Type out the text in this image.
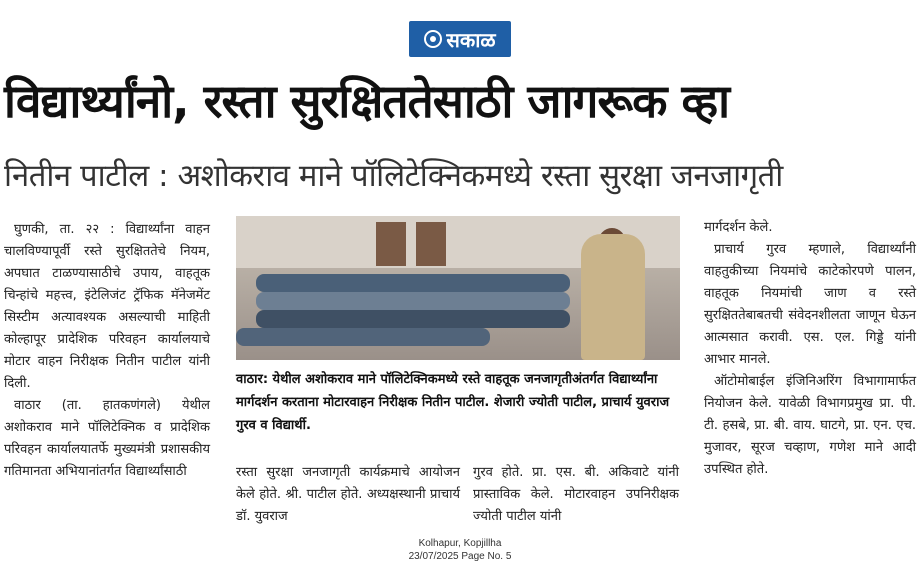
सकाळ
विद्यार्थ्यांनो, रस्ता सुरक्षिततेसाठी जागरूक व्हा
नितीन पाटील : अशोकराव माने पॉलिटेक्निकमध्ये रस्ता सुरक्षा जनजागृती

घुणकी, ता. २२ : विद्यार्थ्यांना वाहन चालविण्यापूर्वी रस्ते सुरक्षिततेचे नियम, अपघात टाळण्यासाठीचे उपाय, वाहतूक चिन्हांचे महत्त्व, इंटेलिजंट ट्रॅफिक मॅनेजमेंट सिस्टीम अत्यावश्यक असल्याची माहिती कोल्हापूर प्रादेशिक परिवहन कार्यालयाचे मोटार वाहन निरीक्षक नितीन पाटील यांनी दिली.

वाठार (ता. हातकणंगले) येथील अशोकराव माने पॉलिटेक्निक व प्रादेशिक परिवहन कार्यालयातर्फे मुख्यमंत्री प्रशासकीय गतिमानता अभियानांतर्गत विद्यार्थ्यांसाठी

वाठार: येथील अशोकराव माने पॉलिटेक्निकमध्ये रस्ते वाहतूक जनजागृतीअंतर्गत विद्यार्थ्यांना मार्गदर्शन करताना मोटारवाहन निरीक्षक नितीन पाटील. शेजारी ज्योती पाटील, प्राचार्य युवराज गुरव व विद्यार्थी.
रस्ता सुरक्षा जनजागृती कार्यक्रमाचे आयोजन केले होते. श्री. पाटील होते. अध्यक्षस्थानी प्राचार्य डॉ. युवराज
गुरव होते. प्रा. एस. बी. अकिवाटे यांनी प्रास्ताविक केले. मोटारवाहन उपनिरीक्षक ज्योती पाटील यांनी

मार्गदर्शन केले.

प्राचार्य गुरव म्हणाले, विद्यार्थ्यांनी वाहतुकीच्या नियमांचे काटेकोरपणे पालन, वाहतूक नियमांची जाण व रस्ते सुरक्षिततेबाबतची संवेदनशीलता जाणून घेऊन आत्मसात करावी. एस. एल. गिड्डे यांनी आभार मानले.

ऑटोमोबाईल इंजिनिअरिंग विभागामार्फत नियोजन केले. यावेळी विभागप्रमुख प्रा. पी. टी. हसबे, प्रा. बी. वाय. घाटगे, प्रा. एन. एच. मुजावर, सूरज चव्हाण, गणेश माने आदी उपस्थित होते.

Kolhapur, Kopjillha
23/07/2025 Page No. 5
